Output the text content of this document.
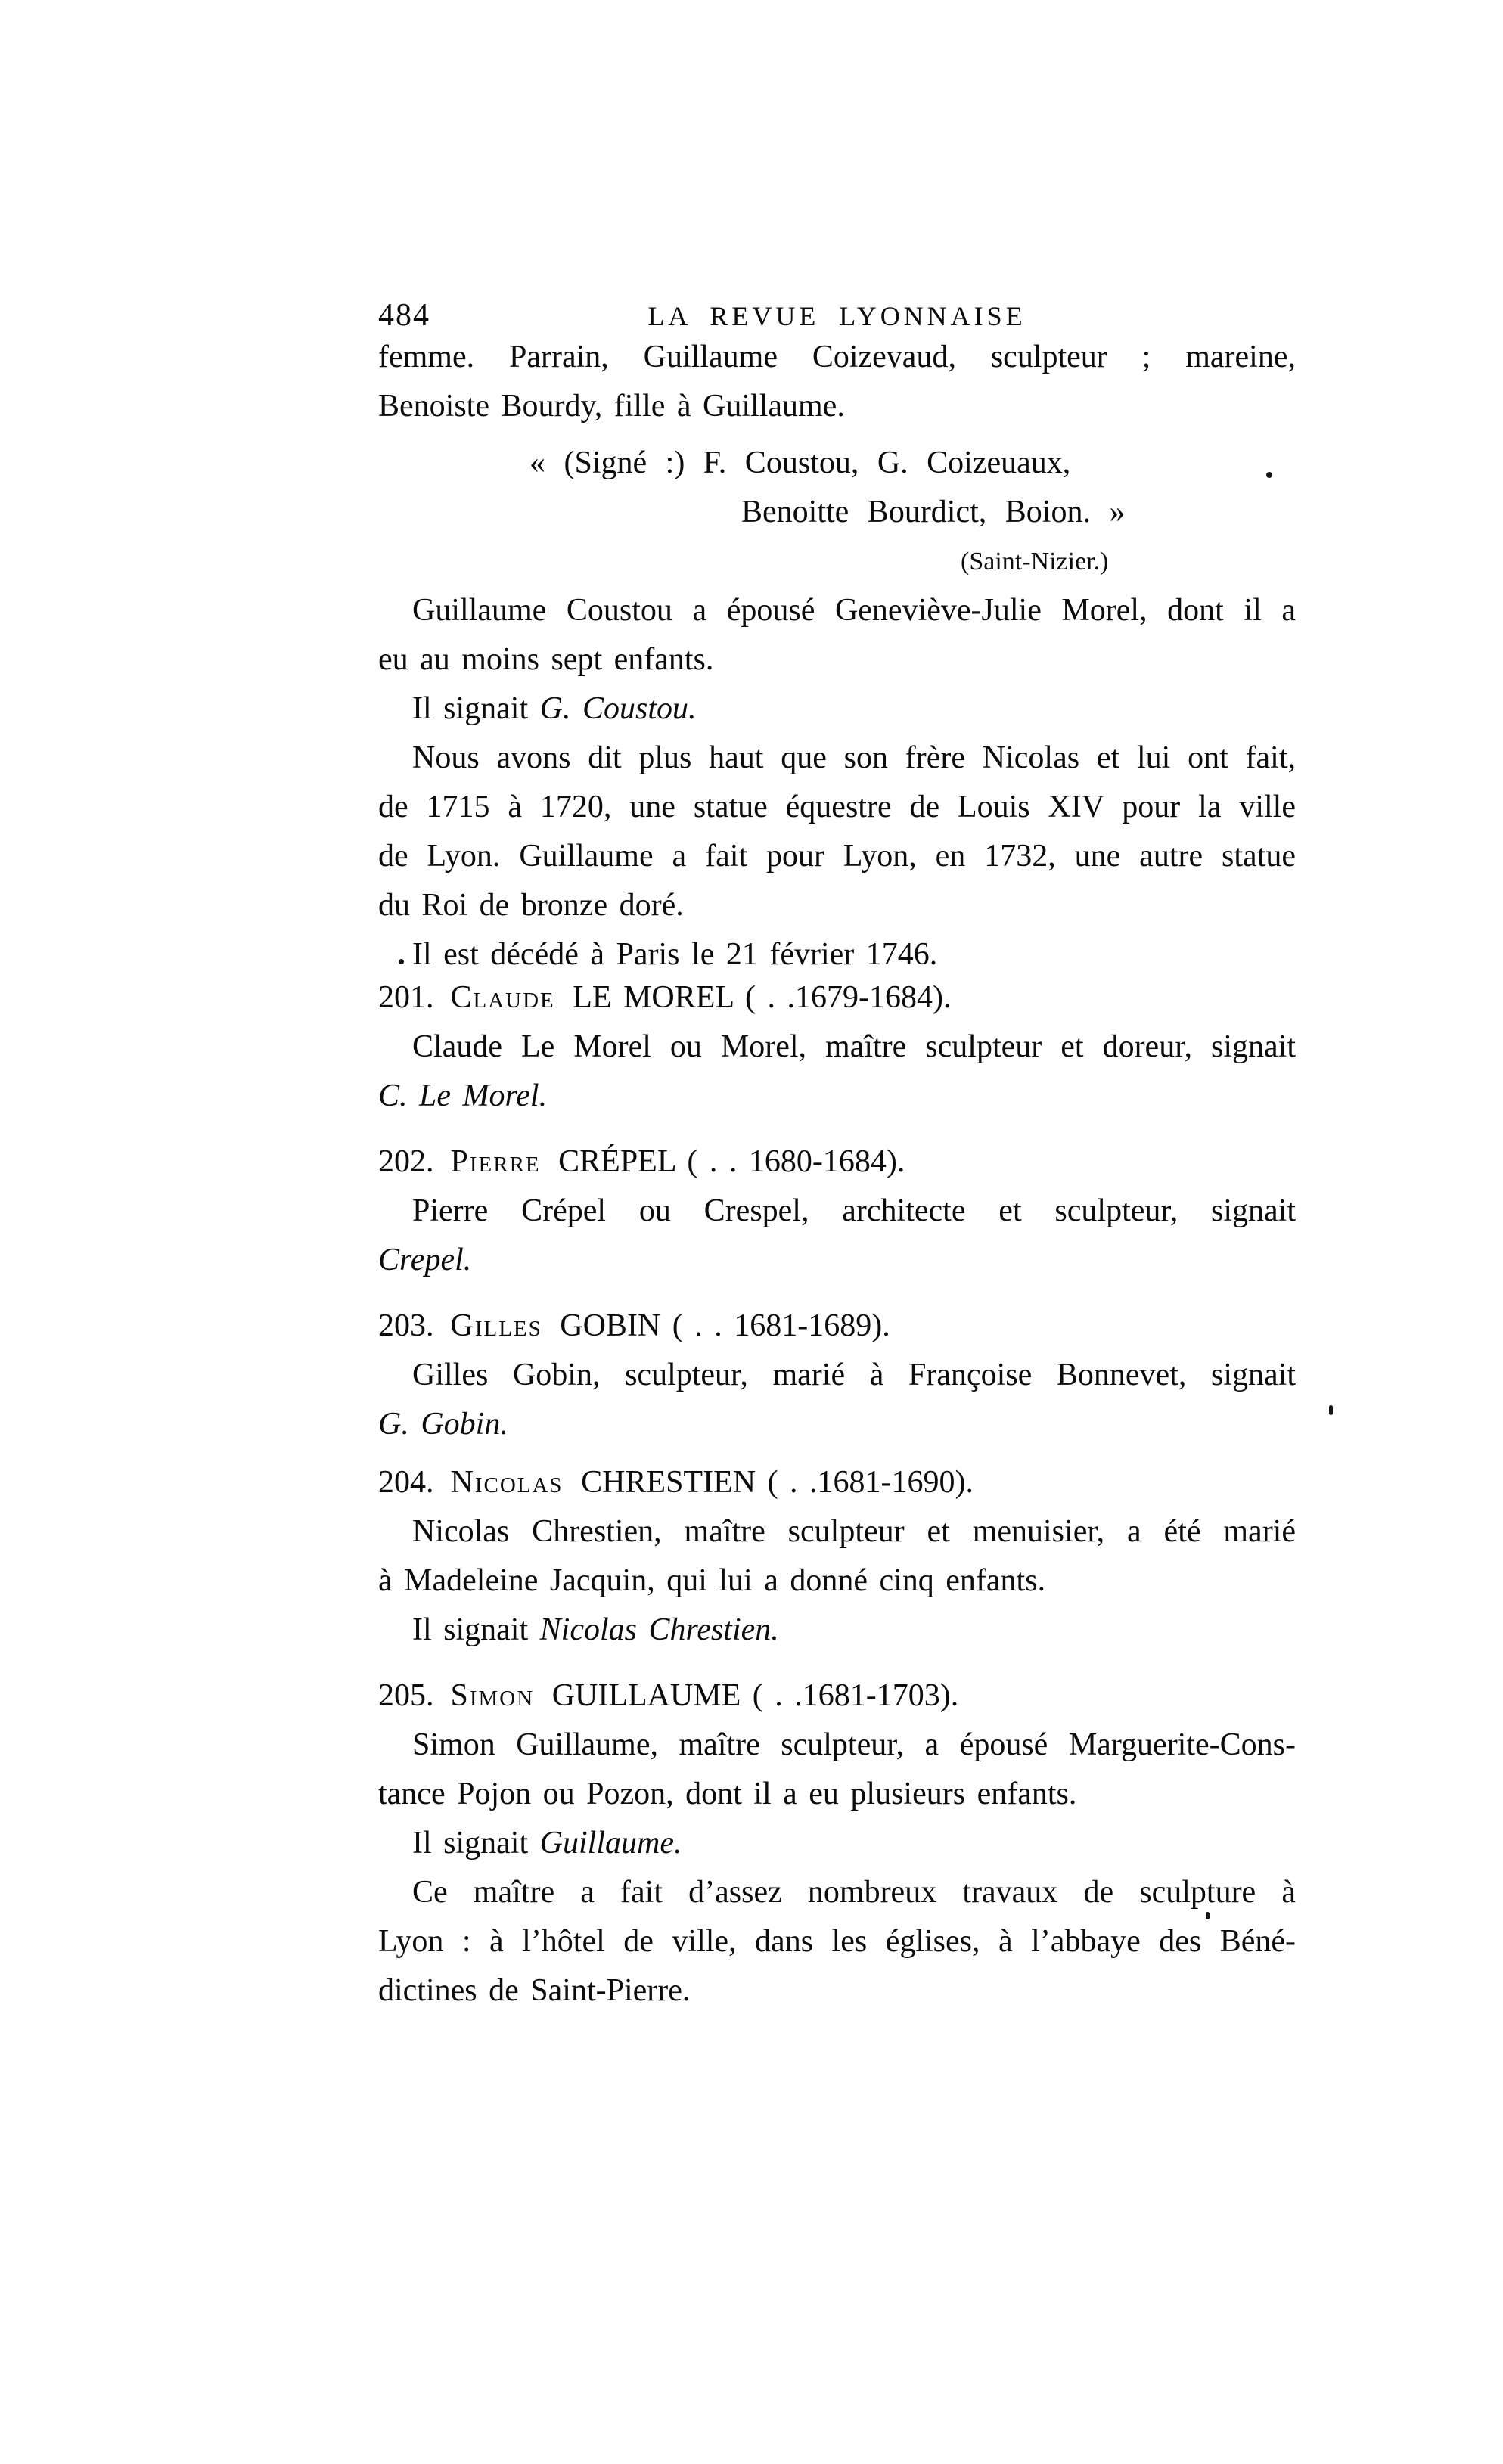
484	LA REVUE LYONNAISE
femme. Parrain, Guillaume Coizevaud, sculpteur ; mareine,
Benoiste Bourdy, fille à Guillaume.
« (Signé :) F. Coustou, G. Coizeuaux,
Benoitte Bourdict, Boion. »
(Saint-Nizier.)
Guillaume Coustou a épousé Geneviève-Julie Morel, dont il a
eu au moins sept enfants.
Il signait G. Coustou.
Nous avons dit plus haut que son frère Nicolas et lui ont fait,
de 1715 à 1720, une statue équestre de Louis XIV pour la ville
de Lyon. Guillaume a fait pour Lyon, en 1732, une autre statue
du Roi de bronze doré.
Il est décédé à Paris le 21 février 1746.
201. Claude LE MOREL ( . .1679-1684).
Claude Le Morel ou Morel, maître sculpteur et doreur, signait
C. Le Morel.
202. Pierre CRÉPEL ( . . 1680-1684).
Pierre Crépel ou Crespel, architecte et sculpteur, signait
Crepel.
203. Gilles GOBIN ( . . 1681-1689).
Gilles Gobin, sculpteur, marié à Françoise Bonnevet, signait
G. Gobin.
204. Nicolas CHRESTIEN ( . .1681-1690).
Nicolas Chrestien, maître sculpteur et menuisier, a été marié
à Madeleine Jacquin, qui lui a donné cinq enfants.
Il signait Nicolas Chrestien.
205. Simon GUILLAUME ( . .1681-1703).
Simon Guillaume, maître sculpteur, a épousé Marguerite-Cons-
tance Pojon ou Pozon, dont il a eu plusieurs enfants.
Il signait Guillaume.
Ce maître a fait d’assez nombreux travaux de sculpture à
Lyon : à l’hôtel de ville, dans les églises, à l’abbaye des Béné-
dictines de Saint-Pierre.
